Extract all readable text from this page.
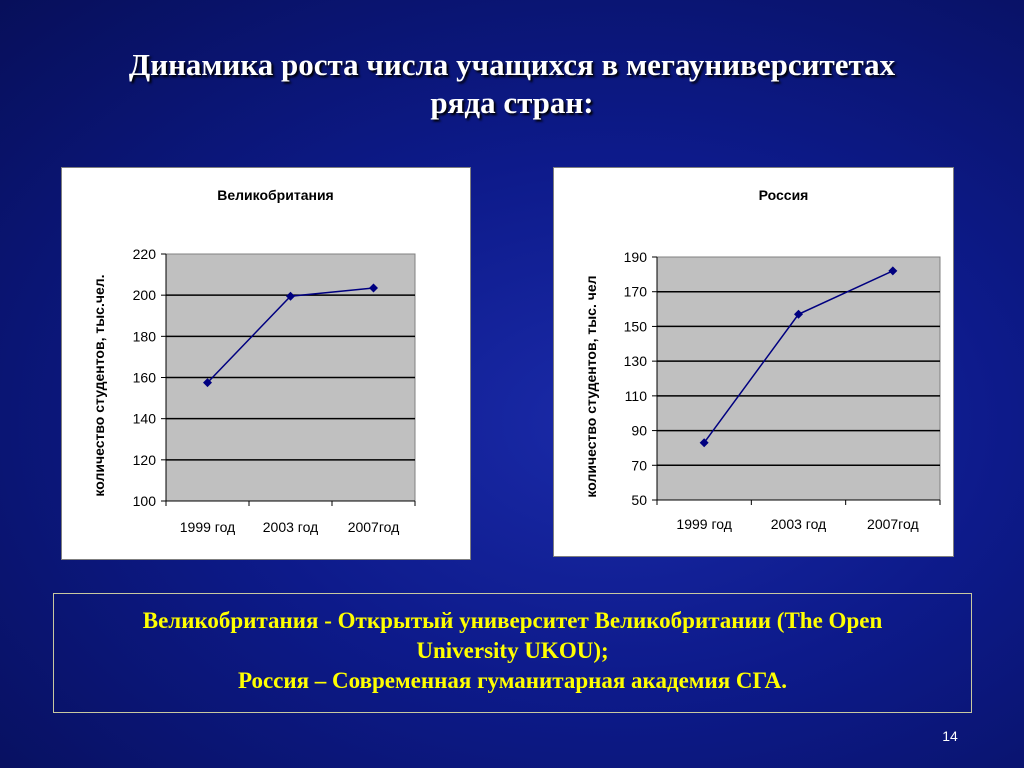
Динамика роста числа учащихся в мегауниверситетах
ряда стран:
Великобритания
100
120
140
160
180
200
220
1999 год 2003 год 2007год
количество студентов, тыс.чел.
Россия
50
70
90
110
130
150
170
190
1999 год	2003 год	2007год
количество студентов, тыс. чел
Великобритания - Открытый университет Великобритании (The Open
University UKOU);
Россия – Современная гуманитарная академия СГА.
14
